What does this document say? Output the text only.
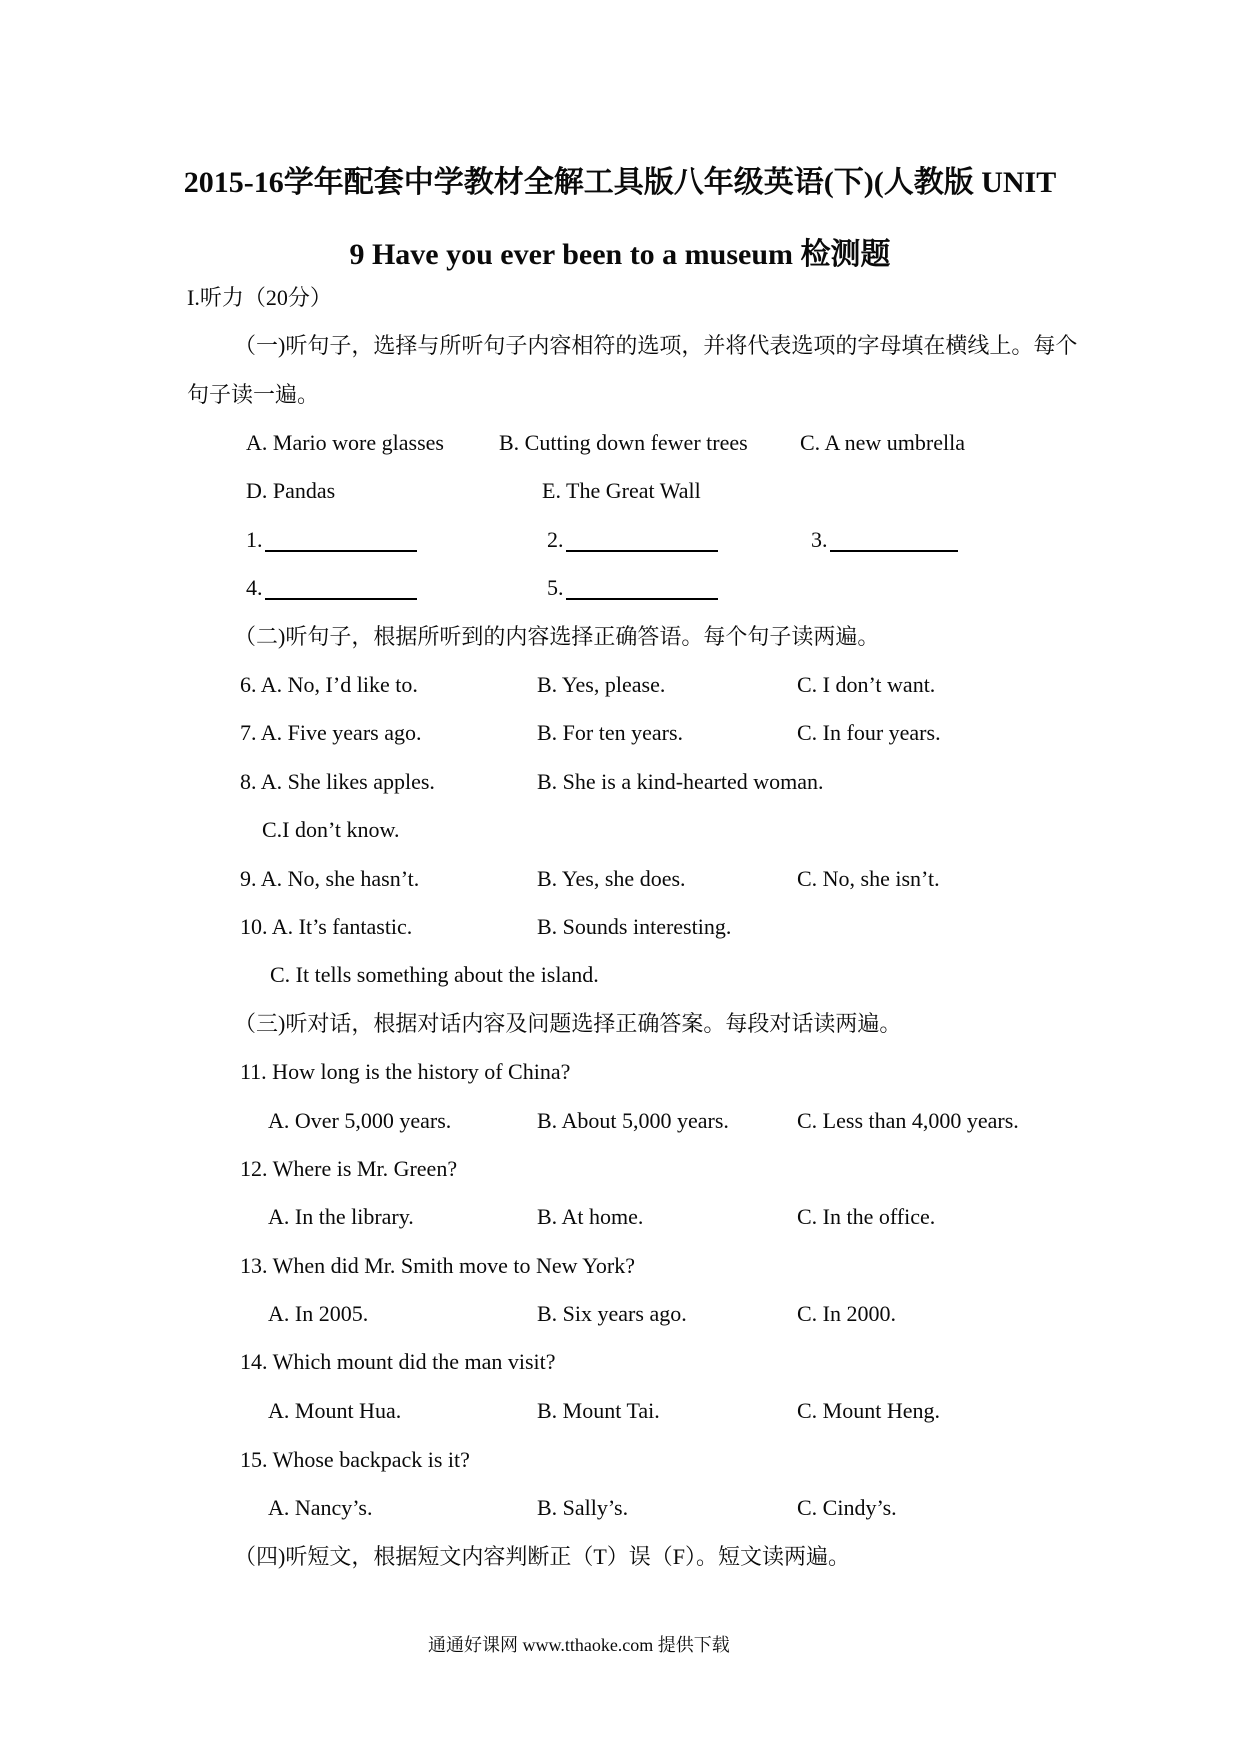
2015-16学年配套中学教材全解工具版八年级英语(下)(人教版 UNIT
9 Have you ever been to a museum 检测题
I.听力（20分）
（一)听句子，选择与所听句子内容相符的选项，并将代表选项的字母填在横线上。每个
句子读一遍。
A. Mario wore glasses	B. Cutting down fewer trees C. A new umbrella
D. Pandas	E. The Great Wall
1.	2.	3.
4.	5.
（二)听句子，根据所听到的内容选择正确答语。每个句子读两遍。
6. A. No, I’d like to.	B. Yes, please.	C. I don’t want.
7. A. Five years ago.	B. For ten years.	C. In four years.
8. A. She likes apples.	B. She is a kind-hearted woman.
C.I don’t know.
9. A. No, she hasn’t.	B. Yes, she does.	C. No, she isn’t.
10. A. It’s fantastic.	B. Sounds interesting.
C. It tells something about the island.
（三)听对话，根据对话内容及问题选择正确答案。每段对话读两遍。
11. How long is the history of China?
A. Over 5,000 years.	B. About 5,000 years.	C. Less than 4,000 years.
12. Where is Mr. Green?
A. In the library.	B. At home.	C. In the office.
13. When did Mr. Smith move to New York?
A. In 2005.	B. Six years ago.	C. In 2000.
14. Which mount did the man visit?
A. Mount Hua.	B. Mount Tai.	C. Mount Heng.
15. Whose backpack is it?
A. Nancy’s.	B. Sally’s.	C. Cindy’s.
（四)听短文，根据短文内容判断正（T）误（F）。短文读两遍。
通通好课网 www.tthaoke.com 提供下载
